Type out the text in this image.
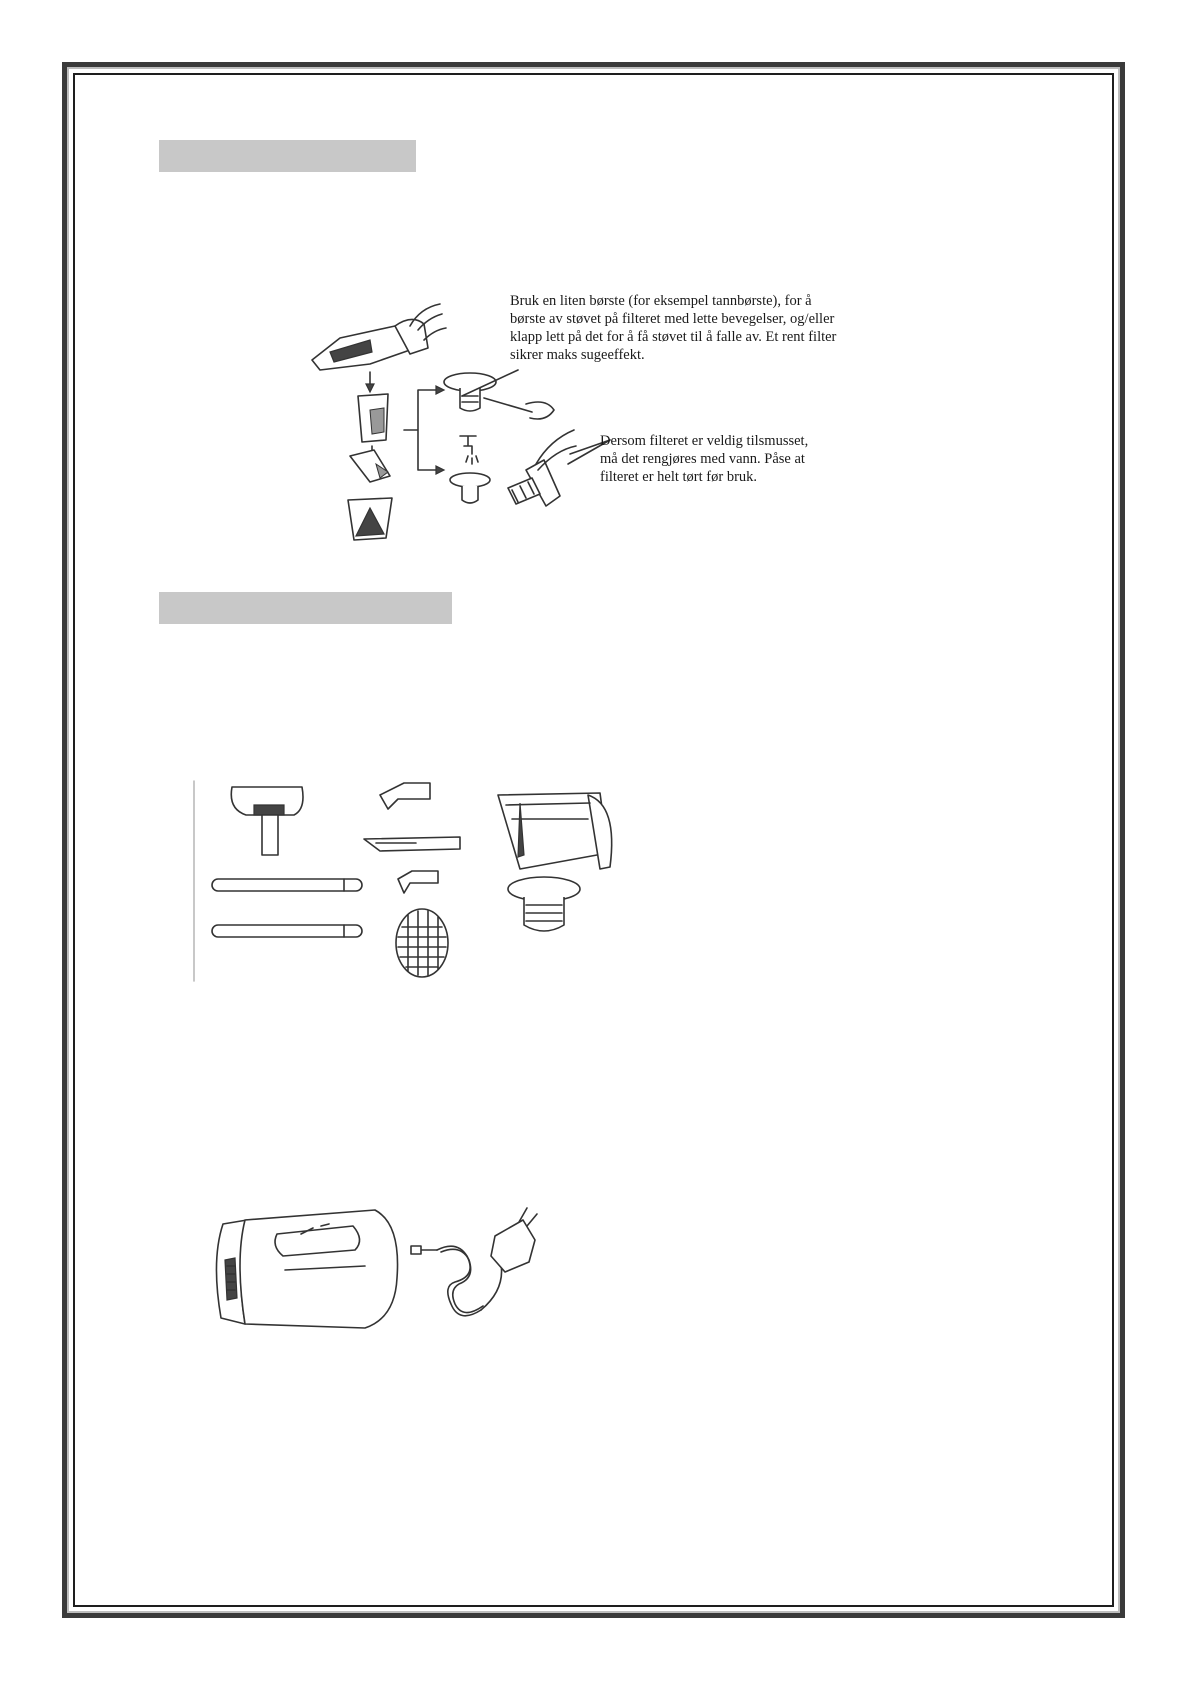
Bruk en liten børste (for eksempel tannbørste), for å
børste av støvet på filteret med lette bevegelser, og/eller
klapp lett på det for å få støvet til å falle av. Et rent filter
sikrer maks sugeeffekt.
Dersom filteret er veldig tilsmusset,
må det rengjøres med vann. Påse at
filteret er helt tørt før bruk.
